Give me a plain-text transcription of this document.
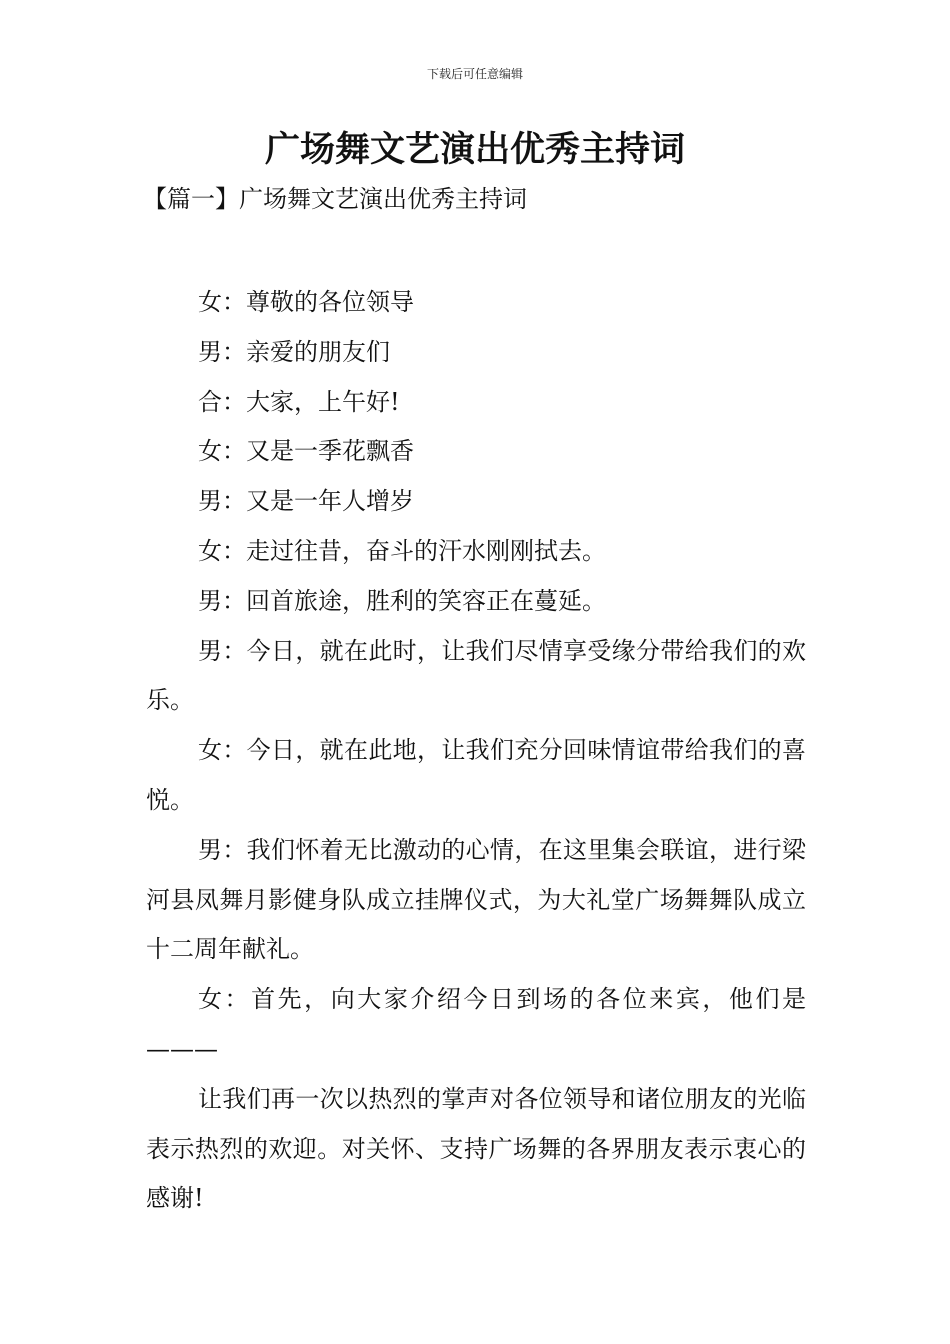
下载后可任意编辑
广场舞文艺演出优秀主持词
【篇一】广场舞文艺演出优秀主持词

女：尊敬的各位领导

男：亲爱的朋友们

合：大家，上午好!

女：又是一季花飘香

男：又是一年人增岁

女：走过往昔，奋斗的汗水刚刚拭去。

男：回首旅途，胜利的笑容正在蔓延。

男：今日，就在此时，让我们尽情享受缘分带给我们的欢乐。

女：今日，就在此地，让我们充分回味情谊带给我们的喜悦。

男：我们怀着无比激动的心情，在这里集会联谊，进行梁河县凤舞月影健身队成立挂牌仪式，为大礼堂广场舞舞队成立十二周年献礼。

女：首先，向大家介绍今日到场的各位来宾，他们是———

让我们再一次以热烈的掌声对各位领导和诸位朋友的光临表示热烈的欢迎。对关怀、支持广场舞的各界朋友表示衷心的感谢!
